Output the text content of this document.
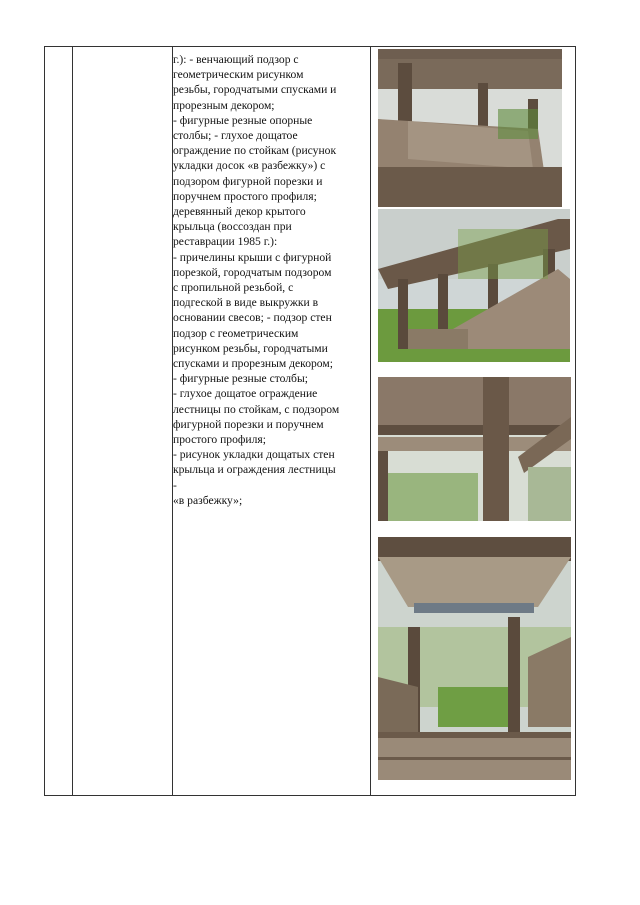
г.): - венчающий подзор с

геометрическим рисунком

резьбы, городчатыми спусками и

прорезным декором;

- фигурные резные опорные

столбы; - глухое дощатое

ограждение по стойкам (рисунок

укладки досок «в разбежку») с

подзором фигурной порезки и

поручнем простого профиля;

деревянный декор крытого

крыльца (воссоздан при

реставрации 1985 г.):

- причелины крыши с фигурной

порезкой, городчатым подзором

с пропильной резьбой, с

подгеской в виде выкружки в

основании свесов; - подзор стен

подзор с геометрическим

рисунком резьбы, городчатыми

спусками и прорезным декором;

- фигурные резные столбы;

- глухое дощатое ограждение

лестницы по стойкам, с подзором

фигурной порезки и поручнем

простого профиля;

- рисунок укладки дощатых стен

крыльца и ограждения лестницы

-

«в разбежку»;
